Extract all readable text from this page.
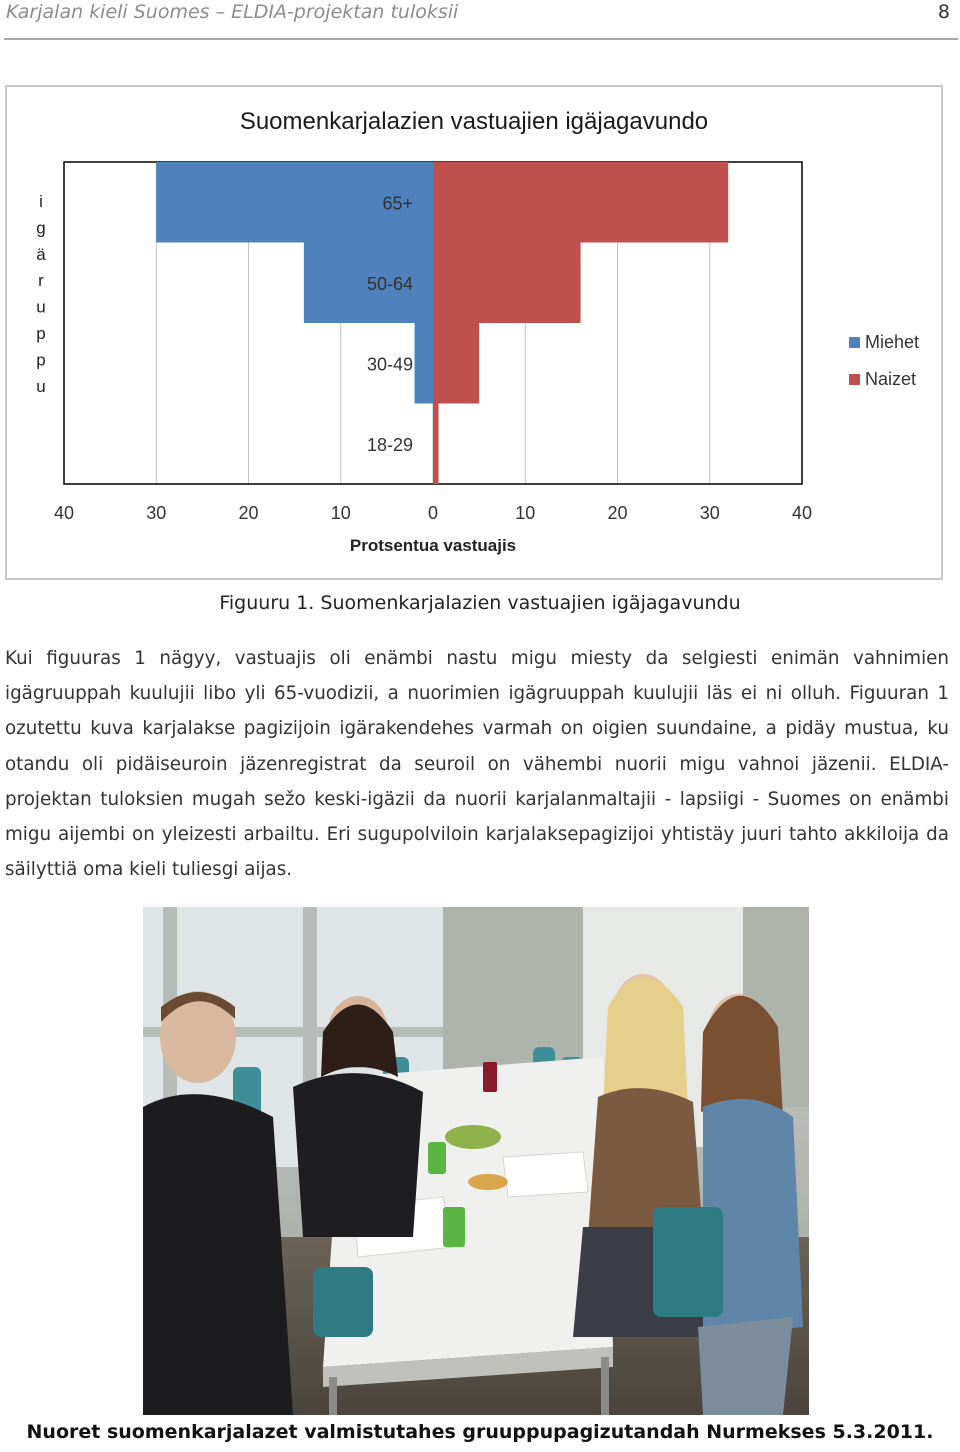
Karjalan kieli Suomes – ELDIA-projektan tuloksii	8
65+
50-64
30-49
18-29
Suomenkarjalazien vastuajien igäjagavundo
40	30	20	10	0	10	20	30	40
Protsentua vastuajis
i
g
ä
r
u
p
p
u
Miehet
Naizet
Figuuru 1. Suomenkarjalazien vastuajien igäjagavundu

Kui figuuras 1 nägyy, vastuajis oli enämbi nastu migu miesty da selgiesti enimän vahnimien igägruuppah kuulujii libo yli 65-vuodizii, a nuorimien igägruuppah kuulujii läs ei ni olluh. Figuuran 1 ozutettu kuva karjalakse pagizijoin igärakendehes varmah on oigien suundaine, a pidäy mustua, ku otandu oli pidäiseuroin jäzenregistrat da seuroil on vähembi nuorii migu vahnoi jäzenii. ELDIA-projektan tuloksien mugah sežo keski-igäzii da nuorii karjalanmaltajii - lapsiigi - Suomes on enämbi migu aijembi on yleizesti arbailtu. Eri sugupolviloin karjalaksepagizijoi yhtistäy juuri tahto akkiloija da säilyttiä oma kieli tuliesgi aijas.

Nuoret suomenkarjalazet valmistutahes gruuppupagizutandah Nurmekses 5.3.2011.
